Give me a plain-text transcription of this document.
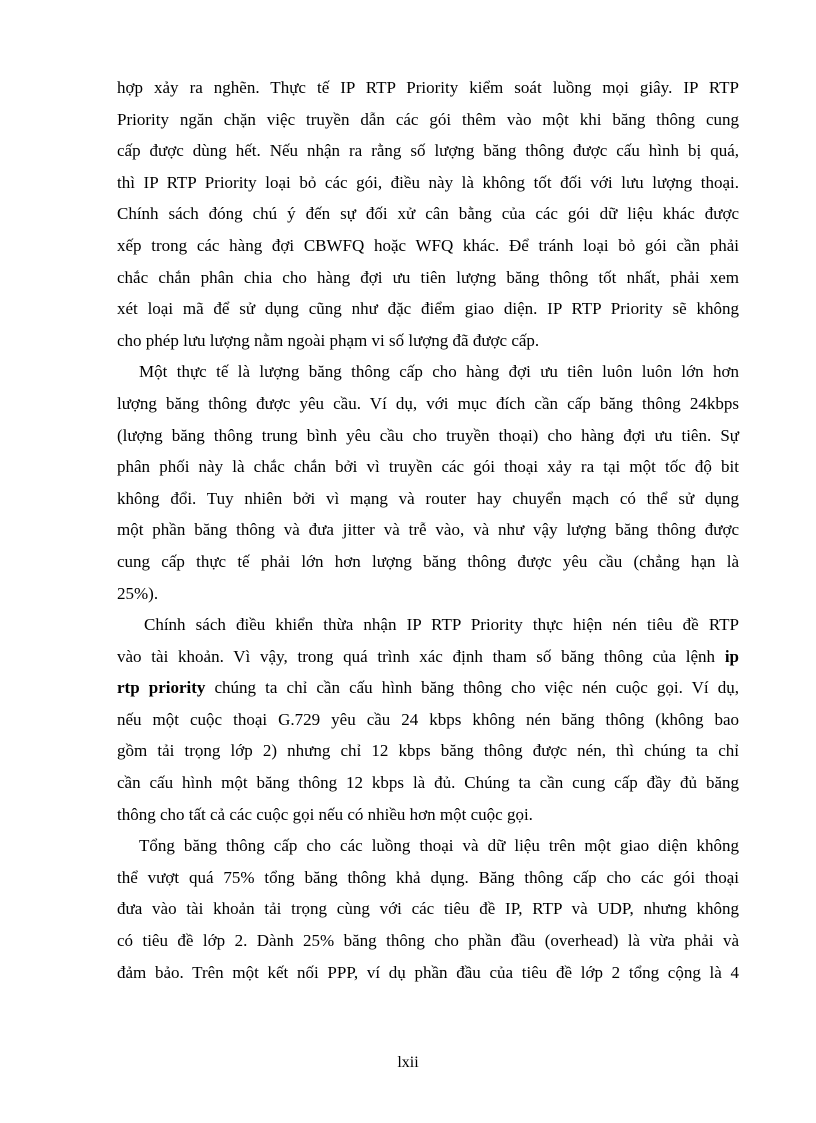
hợp xảy ra nghẽn. Thực tế IP RTP Priority kiểm soát luồng mọi giây. IP RTP
Priority ngăn chặn việc truyền dẫn các gói thêm vào một khi băng thông cung
cấp được dùng hết. Nếu nhận ra rằng số lượng băng thông được cấu hình bị quá,
thì IP RTP Priority loại bỏ các gói, điều này là không tốt đối với lưu lượng thoại.
Chính sách đóng chú ý đến sự đối xử cân bằng của các gói dữ liệu khác được
xếp trong các hàng đợi CBWFQ hoặc WFQ khác. Để tránh loại bỏ gói cần phải
chắc chắn phân chia cho hàng đợi ưu tiên lượng băng thông tốt nhất, phải xem
xét loại mã để sử dụng cũng như đặc điểm giao diện. IP RTP Priority sẽ không
cho phép lưu lượng nằm ngoài phạm vi số lượng đã được cấp.
Một thực tế là lượng băng thông cấp cho hàng đợi ưu tiên luôn luôn lớn hơn
lượng băng thông được yêu cầu. Ví dụ, với mục đích cần cấp băng thông 24kbps
(lượng băng thông trung bình yêu cầu cho truyền thoại) cho hàng đợi ưu tiên. Sự
phân phối này là chắc chắn bởi vì truyền các gói thoại xảy ra tại một tốc độ bit
không đổi. Tuy nhiên bởi vì mạng và router hay chuyển mạch có thể sử dụng
một phần băng thông và đưa jitter và trễ vào, và như vậy lượng băng thông được
cung cấp thực tế phải lớn hơn lượng băng thông được yêu cầu (chẳng hạn là
25%).
Chính sách điều khiển thừa nhận IP RTP Priority thực hiện nén tiêu đề RTP
vào tài khoản. Vì vậy, trong quá trình xác định tham số băng thông của lệnh ip
rtp priority chúng ta chỉ cần cấu hình băng thông cho việc nén cuộc gọi. Ví dụ,
nếu một cuộc thoại G.729 yêu cầu 24 kbps không nén băng thông (không bao
gồm tải trọng lớp 2) nhưng chỉ 12 kbps băng thông được nén, thì chúng ta chỉ
cần cấu hình một băng thông 12 kbps là đủ. Chúng ta cần cung cấp đầy đủ băng
thông cho tất cả các cuộc gọi nếu có nhiều hơn một cuộc gọi.
Tổng băng thông cấp cho các luồng thoại và dữ liệu trên một giao diện không
thể vượt quá 75% tổng băng thông khả dụng. Băng thông cấp cho các gói thoại
đưa vào tài khoản tải trọng cùng với các tiêu đề IP, RTP và UDP, nhưng không
có tiêu đề lớp 2. Dành 25% băng thông cho phần đầu (overhead) là vừa phải và
đảm bảo. Trên một kết nối PPP, ví dụ phần đầu của tiêu đề lớp 2 tổng cộng là 4
lxii
